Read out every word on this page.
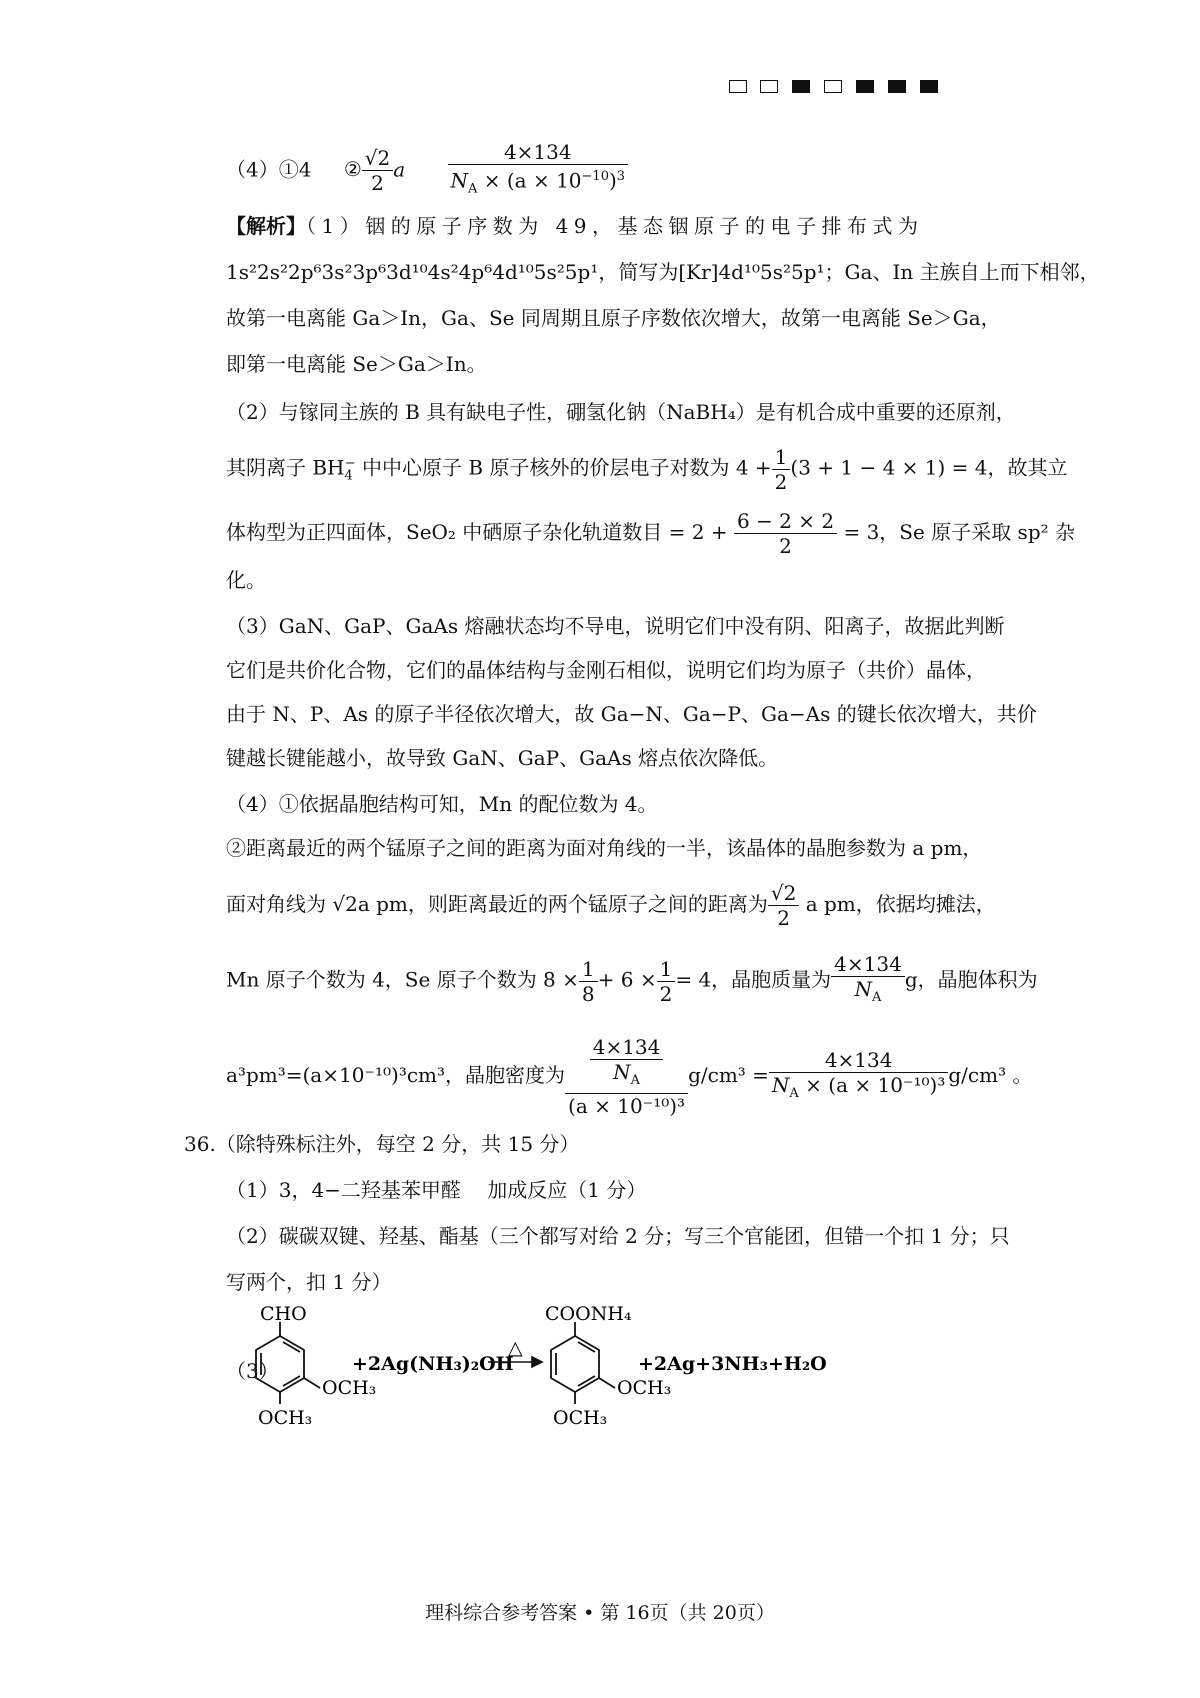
（4）①4 ② $\frac{√2}{2}$ a $\frac{4\times 134}{N_A \times (a \times 10^{-10})^3}$
【解析】（1）铟的原子序数为 49，基态铟原子的电子排布式为
1s²2s²2p⁶3s²3p⁶3d¹⁰4s²4p⁶4d¹⁰5s²5p¹，简写为[Kr]4d¹⁰5s²5p¹；Ga、In 主族自上而下相邻，
故第一电离能 Ga＞In，Ga、Se 同周期且原子序数依次增大，故第一电离能 Se＞Ga，
即第一电离能 Se＞Ga＞In。
（2）与镓同主族的 B 具有缺电子性，硼氢化钠（NaBH₄）是有机合成中重要的还原剂，
其阴离子 $BH_4^-$ 中中心原子 B 原子核外的价层电子对数为 $4 + \frac{1}{2} (3 + 1 - 4 \times 1) = 4$，故其立
体构型为正四面体，SeO₂ 中硒原子杂化轨道数目 = $2 + \frac{6 - 2 \times 2}{2} = 3$，Se 原子采取 sp² 杂
化。
（3）GaN、GaP、GaAs 熔融状态均不导电，说明它们中没有阴、阳离子，故据此判断
它们是共价化合物，它们的晶体结构与金刚石相似，说明它们均为原子（共价）晶体，
由于 N、P、As 的原子半径依次增大，故 Ga−N、Ga−P、Ga−As 的键长依次增大，共价
键越长键能越小，故导致 GaN、GaP、GaAs 熔点依次降低。
（4）①依据晶胞结构可知，Mn 的配位数为 4。
②距离最近的两个锰原子之间的距离为面对角线的一半，该晶体的晶胞参数为 a pm，
面对角线为 √2a pm，则距离最近的两个锰原子之间的距离为 $\frac{√2}{2}$ a pm，依据均摊法，
Mn 原子个数为 4，Se 原子个数为 $8 \times \frac{1}{8} + 6 \times \frac{1}{2} = 4$，晶胞质量为 $\frac{4\times 134}{N_A}$ g，晶胞体积为
a³pm³=(a×10⁻¹⁰)³cm³，晶胞密度为 $\frac{\frac{4\times 134}{N_A}}{\text{(a × 10⁻¹⁰)³}} g/cm^3 = \frac{4\times 134}{N_A \times (a \times 10^{-10})^3} g/cm^3$ 。
36.（除特殊标注外，每空 2 分，共 15 分）
（1）3，4−二羟基苯甲醛　 加成反应（1 分）
（2）碳碳双键、羟基、酯基（三个都写对给 2 分；写三个官能团，但错一个扣 1 分；只
写两个，扣 1 分）
（3）
CHO
OCH₃
OCH₃
+2Ag(NH₃)₂OH
△
COONH₄
OCH₃
OCH₃
+2Ag+3NH₃+H₂O
理科综合参考答案 • 第 16页（共 20页）
